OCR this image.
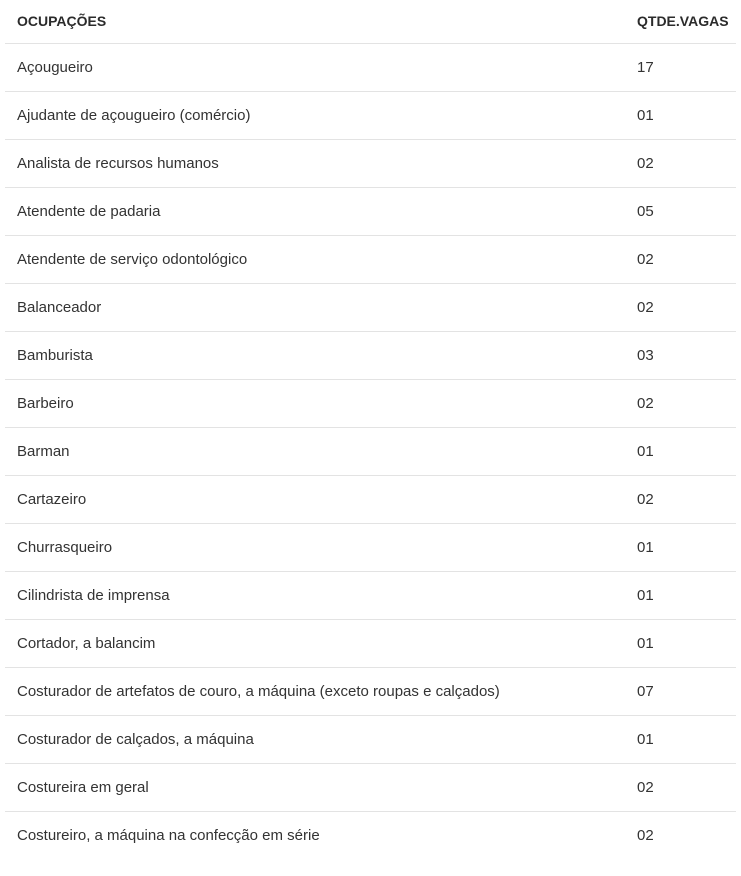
OCUPAÇÕES	QTDE.VAGAS
Açougueiro	17
Ajudante de açougueiro (comércio)	01
Analista de recursos humanos	02
Atendente de padaria	05
Atendente de serviço odontológico	02
Balanceador	02
Bamburista	03
Barbeiro	02
Barman	01
Cartazeiro	02
Churrasqueiro	01
Cilindrista de imprensa	01
Cortador, a balancim	01
Costurador de artefatos de couro, a máquina (exceto roupas e calçados)	07
Costurador de calçados, a máquina	01
Costureira em geral	02
Costureiro, a máquina na confecção em série	02
